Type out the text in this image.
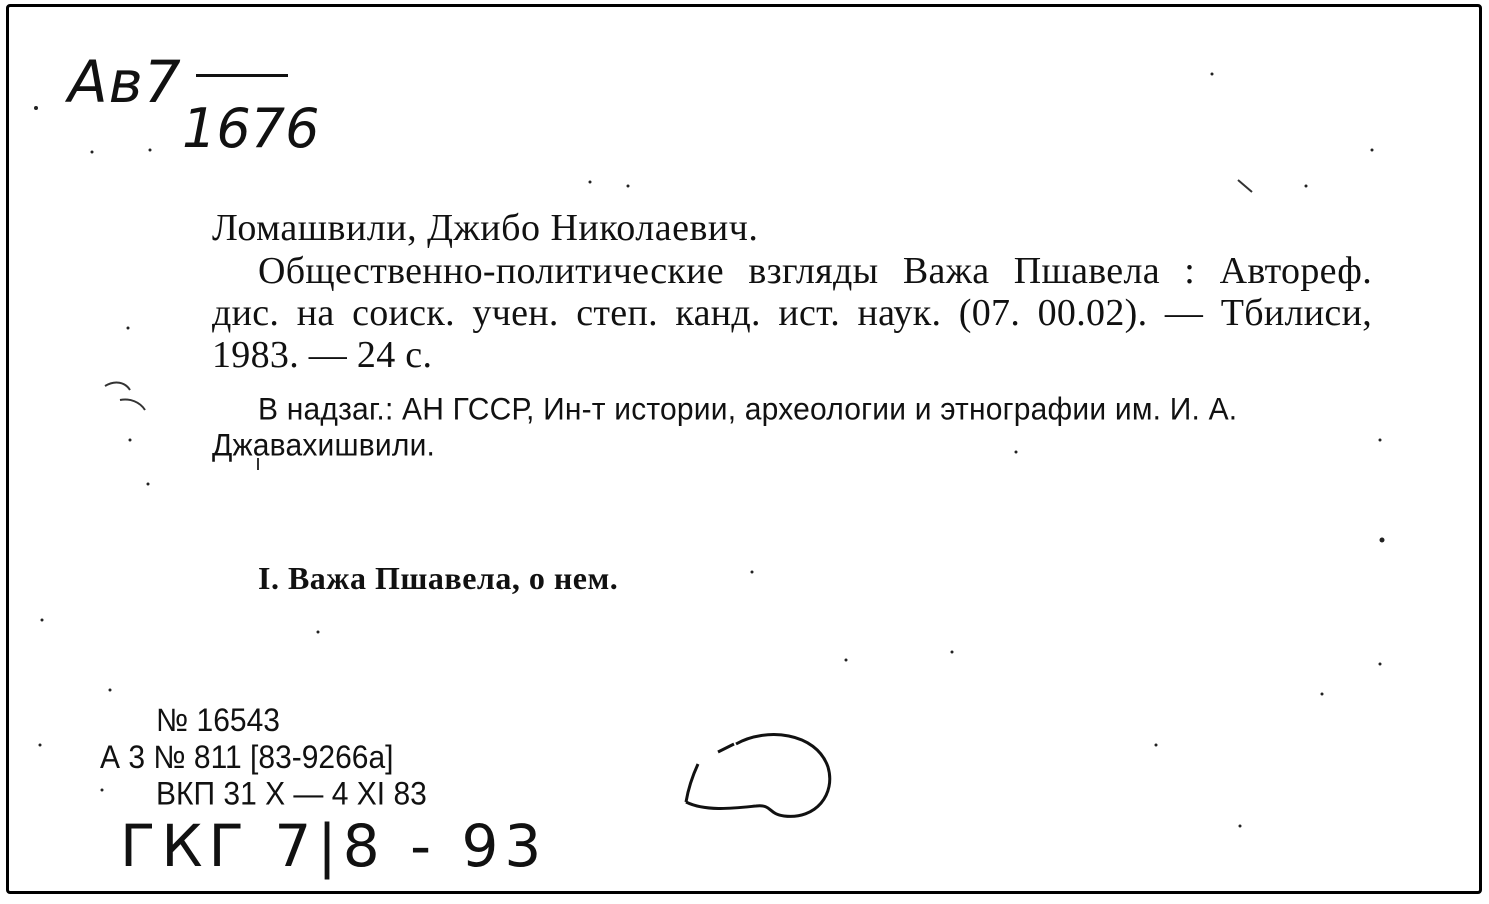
Aв7
1676
Ломашвили, Джибо Николаевич.
Общественно-политические взгляды Важа Пшавела : Автореф. дис. на соиск. учен. степ. канд. ист. наук. (07. 00.02). — Тбилиси, 1983. — 24 с.
В надзаг.: АН ГССР, Ин-т истории, археологии и этнографии им. И. А. Джавахишвили.
I. Важа Пшавела, о нем.
№ 16543
А 3 № 811 [83-9266а]
ВКП 31 X — 4 XI 83
ГКГ 7|8 - 93
